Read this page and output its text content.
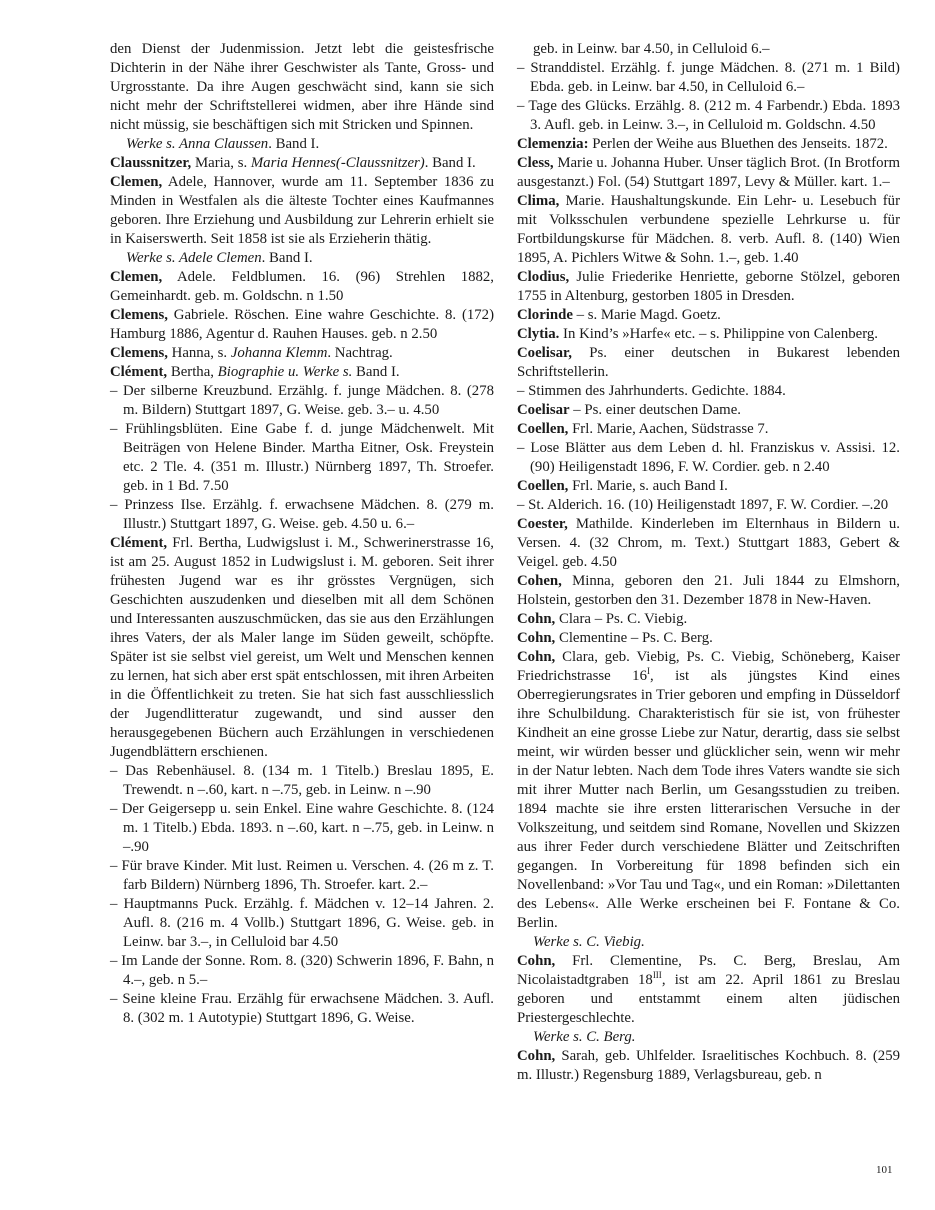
den Dienst der Judenmission. Jetzt lebt die geistesfrische Dichterin in der Nähe ihrer Geschwister als Tante, Gross- und Urgrosstante. Da ihre Augen geschwächt sind, kann sie sich nicht mehr der Schriftstellerei widmen, aber ihre Hände sind nicht müssig, sie beschäftigen sich mit Stricken und Spinnen.

Werke s. Anna Claussen. Band I.

Claussnitzer, Maria, s. Maria Hennes(-Claussnitzer). Band I.

Clemen, Adele, Hannover, wurde am 11. September 1836 zu Minden in Westfalen als die älteste Tochter eines Kaufmannes geboren. Ihre Erziehung und Ausbildung zur Lehrerin erhielt sie in Kaiserswerth. Seit 1858 ist sie als Erzieherin thätig.

Werke s. Adele Clemen. Band I.

Clemen, Adele. Feldblumen. 16. (96) Strehlen 1882, Gemeinhardt. geb. m. Goldschn. n 1.50

Clemens, Gabriele. Röschen. Eine wahre Geschichte. 8. (172) Hamburg 1886, Agentur d. Rauhen Hauses. geb. n 2.50

Clemens, Hanna, s. Johanna Klemm. Nachtrag.

Clément, Bertha, Biographie u. Werke s. Band I.

– Der silberne Kreuzbund. Erzählg. f. junge Mädchen. 8. (278 m. Bildern) Stuttgart 1897, G. Weise. geb. 3.– u. 4.50

– Frühlingsblüten. Eine Gabe f. d. junge Mädchenwelt. Mit Beiträgen von Helene Binder. Martha Eitner, Osk. Freystein etc. 2 Tle. 4. (351 m. Illustr.) Nürnberg 1897, Th. Stroefer. geb. in 1 Bd. 7.50

– Prinzess Ilse. Erzählg. f. erwachsene Mädchen. 8. (279 m. Illustr.) Stuttgart 1897, G. Weise. geb. 4.50 u. 6.–

Clément, Frl. Bertha, Ludwigslust i. M., Schwerinerstrasse 16, ist am 25. August 1852 in Ludwigslust i. M. geboren. Seit ihrer frühesten Jugend war es ihr grösstes Vergnügen, sich Geschichten auszudenken und dieselben mit all dem Schönen und Interessanten auszuschmücken, das sie aus den Erzählungen ihres Vaters, der als Maler lange im Süden geweilt, schöpfte. Später ist sie selbst viel gereist, um Welt und Menschen kennen zu lernen, hat sich aber erst spät entschlossen, mit ihren Arbeiten in die Öffentlichkeit zu treten. Sie hat sich fast ausschliesslich der Jugendlitteratur zugewandt, und sind ausser den herausgegebenen Büchern auch Erzählungen in verschiedenen Jugendblättern erschienen.

– Das Rebenhäusel. 8. (134 m. 1 Titelb.) Breslau 1895, E. Trewendt. n –.60, kart. n –.75, geb. in Leinw. n –.90

– Der Geigersepp u. sein Enkel. Eine wahre Geschichte. 8. (124 m. 1 Titelb.) Ebda. 1893. n –.60, kart. n –.75, geb. in Leinw. n –.90

– Für brave Kinder. Mit lust. Reimen u. Verschen. 4. (26 m z. T. farb Bildern) Nürnberg 1896, Th. Stroefer. kart. 2.–

– Hauptmanns Puck. Erzählg. f. Mädchen v. 12–14 Jahren. 2. Aufl. 8. (216 m. 4 Vollb.) Stuttgart 1896, G. Weise. geb. in Leinw. bar 3.–, in Celluloid bar 4.50

– Im Lande der Sonne. Rom. 8. (320) Schwerin 1896, F. Bahn, n 4.–, geb. n 5.–

– Seine kleine Frau. Erzählg für erwachsene Mädchen. 3. Aufl. 8. (302 m. 1 Autotypie) Stuttgart 1896, G. Weise.

geb. in Leinw. bar 4.50, in Celluloid 6.–

– Stranddistel. Erzählg. f. junge Mädchen. 8. (271 m. 1 Bild) Ebda. geb. in Leinw. bar 4.50, in Celluloid 6.–

– Tage des Glücks. Erzählg. 8. (212 m. 4 Farbendr.) Ebda. 1893 3. Aufl. geb. in Leinw. 3.–, in Celluloid m. Goldschn. 4.50

Clemenzia: Perlen der Weihe aus Bluethen des Jenseits. 1872.

Cless, Marie u. Johanna Huber. Unser täglich Brot. (In Brotform ausgestanzt.) Fol. (54) Stuttgart 1897, Levy & Müller. kart. 1.–

Clima, Marie. Haushaltungskunde. Ein Lehr- u. Lesebuch für mit Volksschulen verbundene spezielle Lehrkurse u. für Fortbildungskurse für Mädchen. 8. verb. Aufl. 8. (140) Wien 1895, A. Pichlers Witwe & Sohn. 1.–, geb. 1.40

Clodius, Julie Friederike Henriette, geborne Stölzel, geboren 1755 in Altenburg, gestorben 1805 in Dresden.

Clorinde – s. Marie Magd. Goetz.

Clytia. In Kind’s »Harfe« etc. – s. Philippine von Calenberg.

Coelisar, Ps. einer deutschen in Bukarest lebenden Schriftstellerin.

– Stimmen des Jahrhunderts. Gedichte. 1884.

Coelisar – Ps. einer deutschen Dame.

Coellen, Frl. Marie, Aachen, Südstrasse 7.

– Lose Blätter aus dem Leben d. hl. Franziskus v. Assisi. 12. (90) Heiligenstadt 1896, F. W. Cordier. geb. n 2.40

Coellen, Frl. Marie, s. auch Band I.

– St. Alderich. 16. (10) Heiligenstadt 1897, F. W. Cordier. –.20

Coester, Mathilde. Kinderleben im Elternhaus in Bildern u. Versen. 4. (32 Chrom, m. Text.) Stuttgart 1883, Gebert & Veigel. geb. 4.50

Cohen, Minna, geboren den 21. Juli 1844 zu Elmshorn, Holstein, gestorben den 31. Dezember 1878 in New-Haven.

Cohn, Clara – Ps. C. Viebig.

Cohn, Clementine – Ps. C. Berg.

Cohn, Clara, geb. Viebig, Ps. C. Viebig, Schöneberg, Kaiser Friedrichstrasse $16^I$, ist als jüngstes Kind eines Oberregierungsrates in Trier geboren und empfing in Düsseldorf ihre Schulbildung. Charakteristisch für sie ist, von frühester Kindheit an eine grosse Liebe zur Natur, derartig, dass sie selbst meint, wir würden besser und glücklicher sein, wenn wir mehr in der Natur lebten. Nach dem Tode ihres Vaters wandte sie sich mit ihrer Mutter nach Berlin, um Gesangsstudien zu treiben. 1894 machte sie ihre ersten litterarischen Versuche in der Volkszeitung, und seitdem sind Romane, Novellen und Skizzen aus ihrer Feder durch verschiedene Blätter und Zeitschriften gegangen. In Vorbereitung für 1898 befinden sich ein Novellenband: »Vor Tau und Tag«, und ein Roman: »Dilettanten des Lebens«. Alle Werke erscheinen bei F. Fontane & Co. Berlin.

Werke s. C. Viebig.

Cohn, Frl. Clementine, Ps. C. Berg, Breslau, Am Nicolaistadtgraben $18^{III}$, ist am 22. April 1861 zu Breslau geboren und entstammt einem alten jüdischen Priestergeschlechte.

Werke s. C. Berg.

Cohn, Sarah, geb. Uhlfelder. Israelitisches Kochbuch. 8. (259 m. Illustr.) Regensburg 1889, Verlagsbureau, geb. n

101
